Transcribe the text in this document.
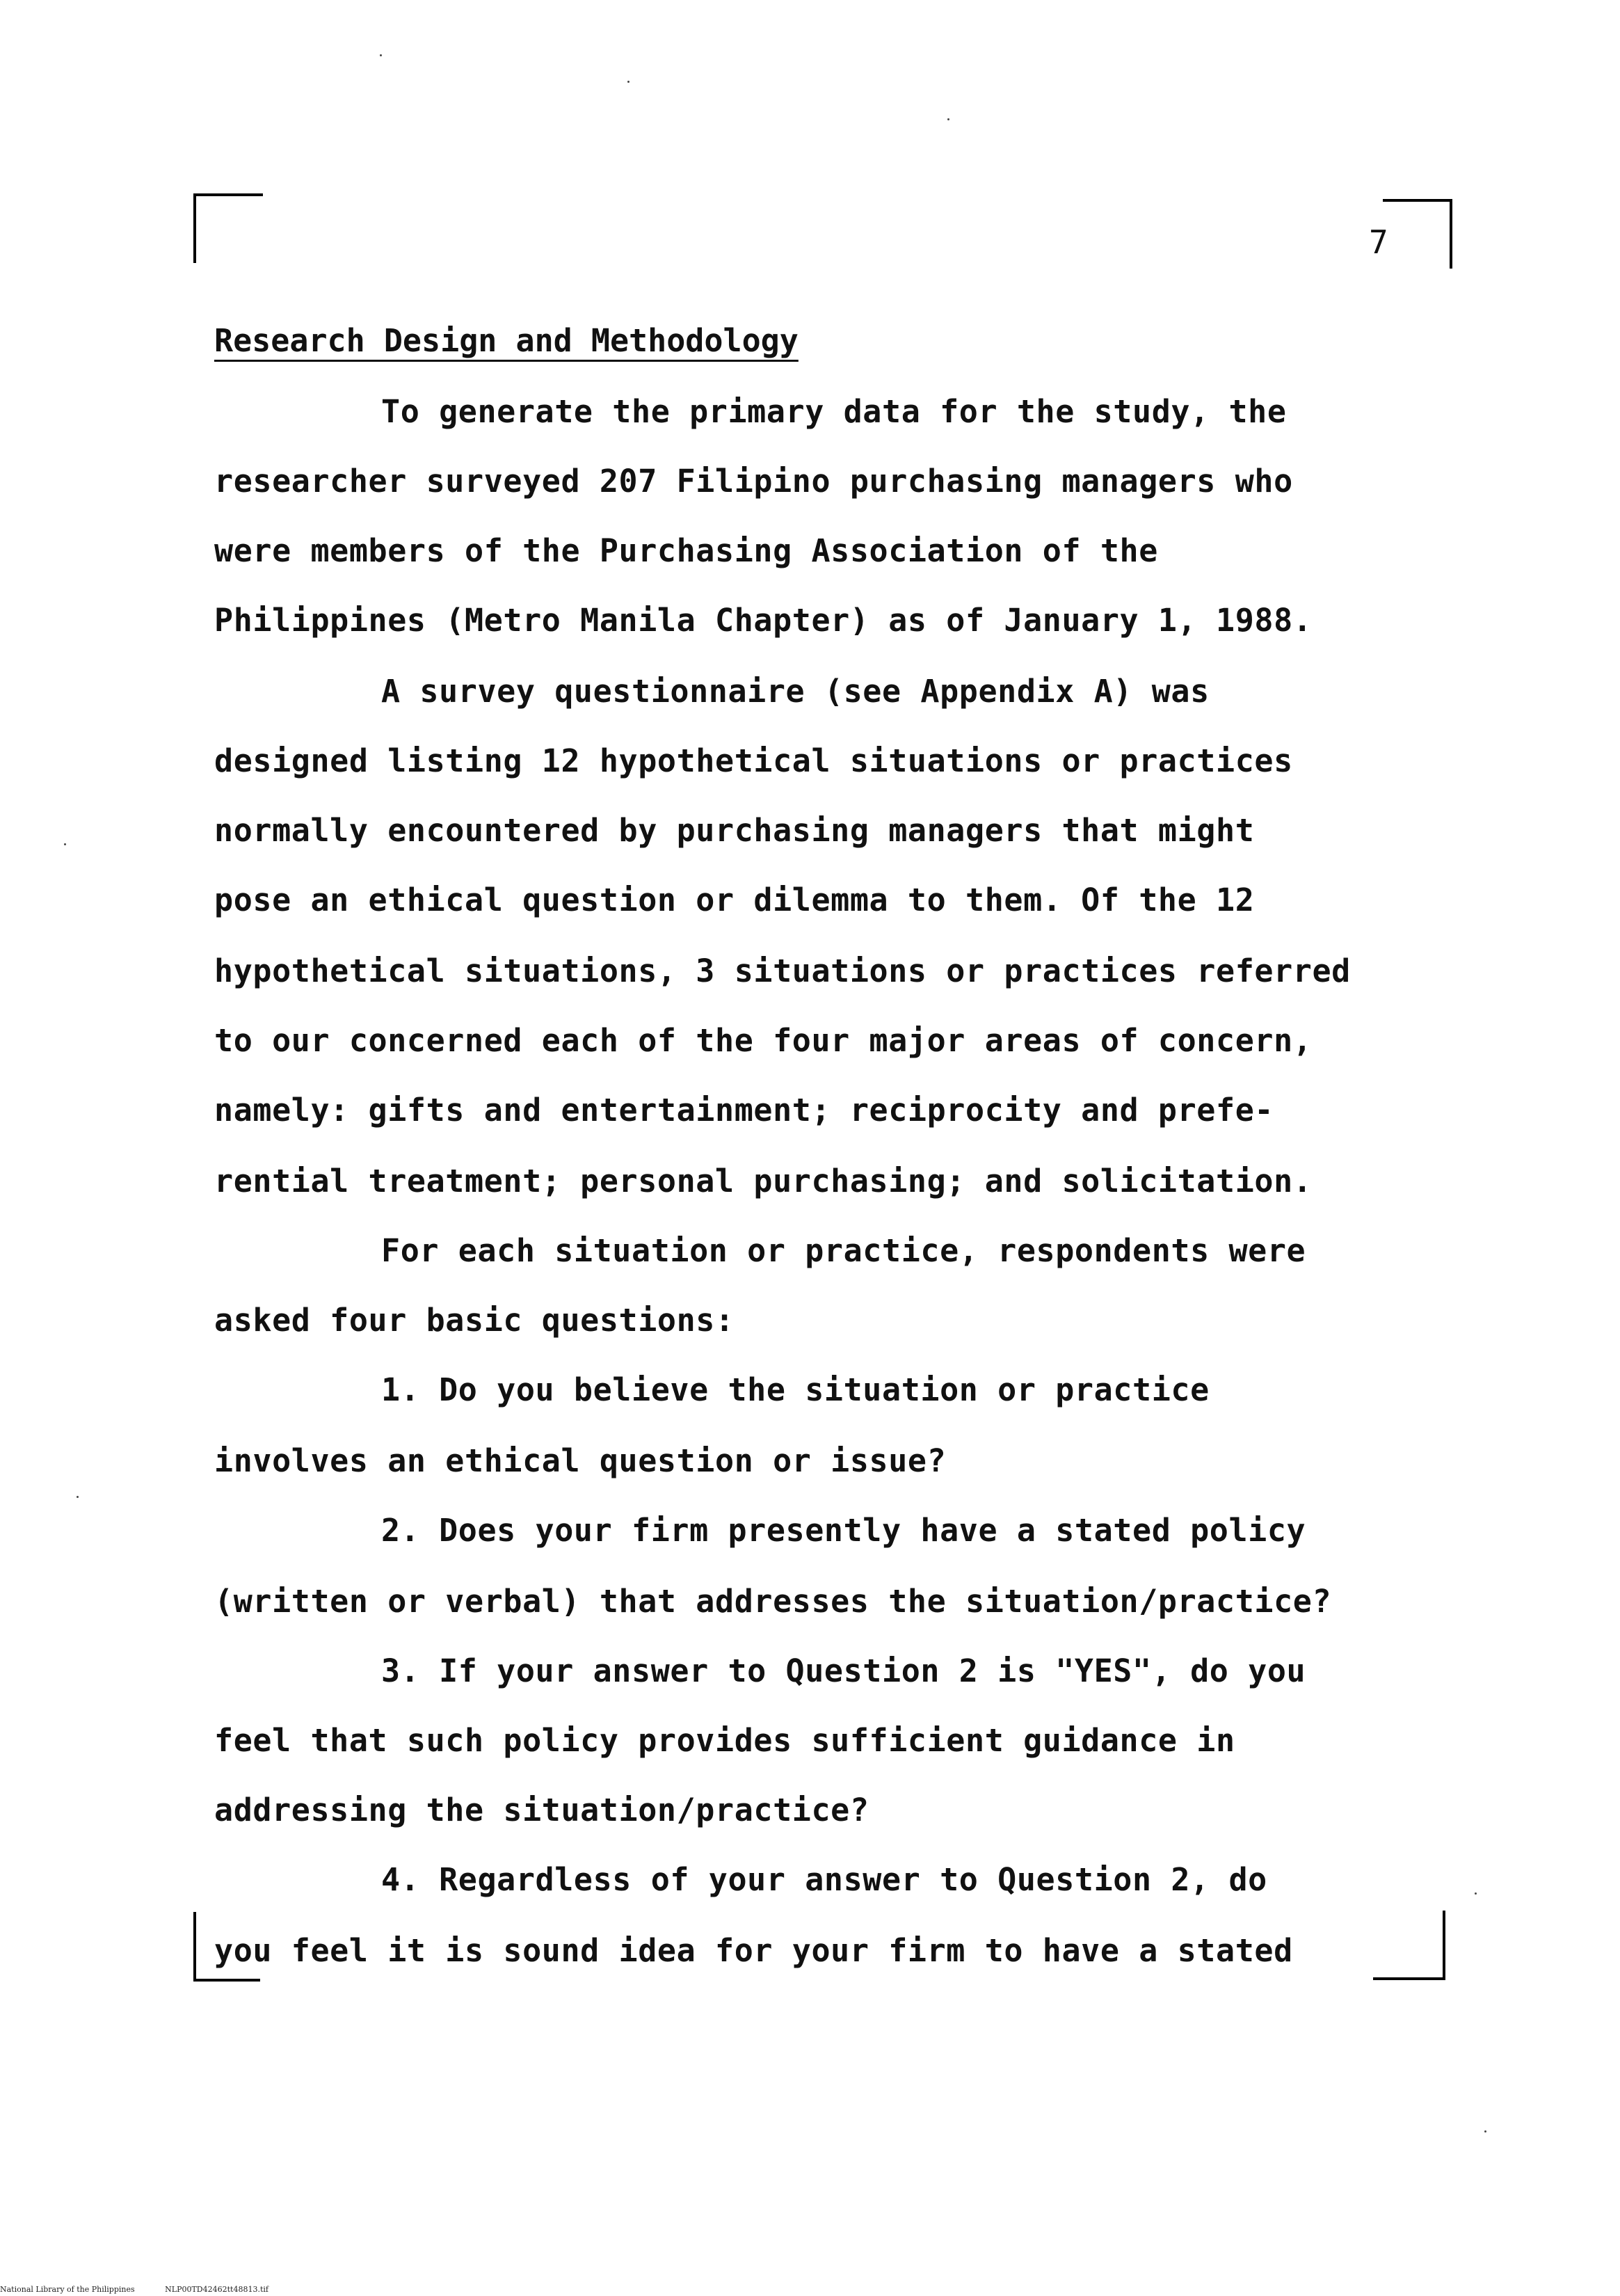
7
Research Design and Methodology
To generate the primary data for the study, the
researcher surveyed 207 Filipino purchasing managers who
were members of the Purchasing Association of the
Philippines (Metro Manila Chapter) as of January 1, 1988.
A survey questionnaire (see Appendix A) was
designed listing 12 hypothetical situations or practices
normally encountered by purchasing managers that might
pose an ethical question or dilemma to them. Of the 12
hypothetical situations, 3 situations or practices referred
to our concerned each of the four major areas of concern,
namely: gifts and entertainment; reciprocity and prefe-
rential treatment; personal purchasing; and solicitation.
For each situation or practice, respondents were
asked four basic questions:
1. Do you believe the situation or practice
involves an ethical question or issue?
2. Does your firm presently have a stated policy
(written or verbal) that addresses the situation/practice?
3. If your answer to Question 2 is "YES", do you
feel that such policy provides sufficient guidance in
addressing the situation/practice?
4. Regardless of your answer to Question 2, do
you feel it is sound idea for your firm to have a stated
National Library of the Philippines	NLP00TD42462tt48813.tif
